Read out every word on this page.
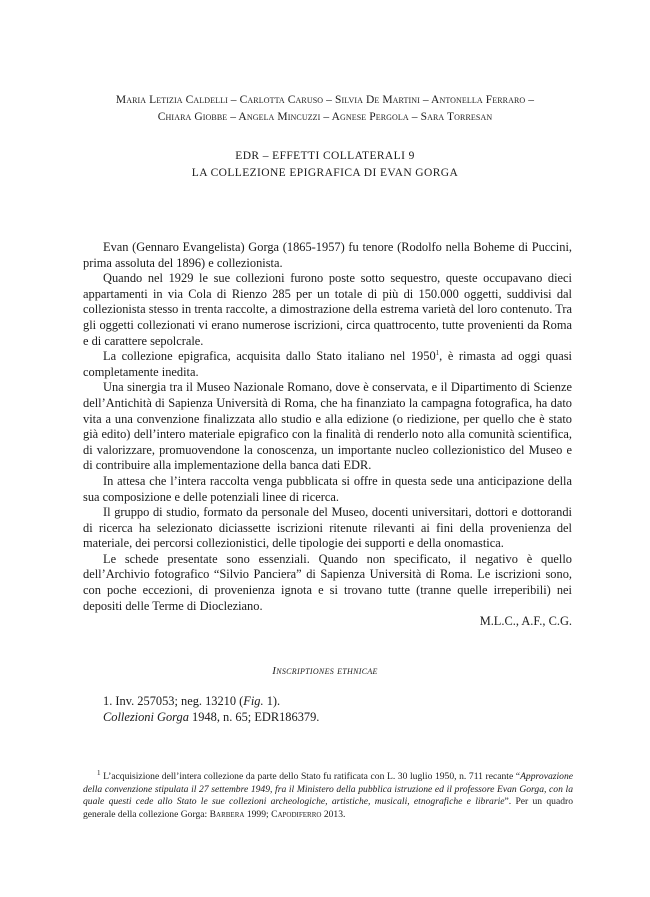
Maria Letizia Caldelli – Carlotta Caruso – Silvia De Martini – Antonella Ferraro –
Chiara Giobbe – Angela Mincuzzi – Agnese Pergola – Sara Torresan
EDR – EFFETTI COLLATERALI 9
LA COLLEZIONE EPIGRAFICA DI EVAN GORGA

Evan (Gennaro Evangelista) Gorga (1865-1957) fu tenore (Rodolfo nella Boheme di Puccini, prima assoluta del 1896) e collezionista.

Quando nel 1929 le sue collezioni furono poste sotto sequestro, queste occupavano dieci appartamenti in via Cola di Rienzo 285 per un totale di più di 150.000 oggetti, suddivisi dal collezionista stesso in trenta raccolte, a dimostrazione della estrema varietà del loro contenuto. Tra gli oggetti collezionati vi erano numerose iscrizioni, circa quattrocento, tutte provenienti da Roma e di carattere sepolcrale.

La collezione epigrafica, acquisita dallo Stato italiano nel 1950$^1$, è rimasta ad oggi quasi completamente inedita.

Una sinergia tra il Museo Nazionale Romano, dove è conservata, e il Dipartimento di Scienze dell’Antichità di Sapienza Università di Roma, che ha finanziato la campagna fotografica, ha dato vita a una convenzione finalizzata allo studio e alla edizione (o riedizione, per quello che è stato già edito) dell’intero materiale epigrafico con la finalità di renderlo noto alla comunità scientifica, di valorizzare, promuovendone la conoscenza, un importante nucleo collezionistico del Museo e di contribuire alla implementazione della banca dati EDR.

In attesa che l’intera raccolta venga pubblicata si offre in questa sede una anticipazione della sua composizione e delle potenziali linee di ricerca.

Il gruppo di studio, formato da personale del Museo, docenti universitari, dottori e dottorandi di ricerca ha selezionato diciassette iscrizioni ritenute rilevanti ai fini della provenienza del materiale, dei percorsi collezionistici, delle tipologie dei supporti e della onomastica.

Le schede presentate sono essenziali. Quando non specificato, il negativo è quello dell’Archivio fotografico “Silvio Panciera” di Sapienza Università di Roma. Le iscrizioni sono, con poche eccezioni, di provenienza ignota e si trovano tutte (tranne quelle irreperibili) nei depositi delle Terme di Diocleziano.

M.L.C., A.F., C.G.
Inscriptiones ethnicae
1. Inv. 257053; neg. 13210 (Fig. 1).
Collezioni Gorga 1948, n. 65; EDR186379.

$^1$ L’acquisizione dell’intera collezione da parte dello Stato fu ratificata con L. 30 luglio 1950, n. 711 recante “Approvazione della convenzione stipulata il 27 settembre 1949, fra il Ministero della pubblica istruzione ed il professore Evan Gorga, con la quale questi cede allo Stato le sue collezioni archeologiche, artistiche, musicali, etnografiche e librarie”. Per un quadro generale della collezione Gorga: Barbera 1999; Capodiferro 2013.
